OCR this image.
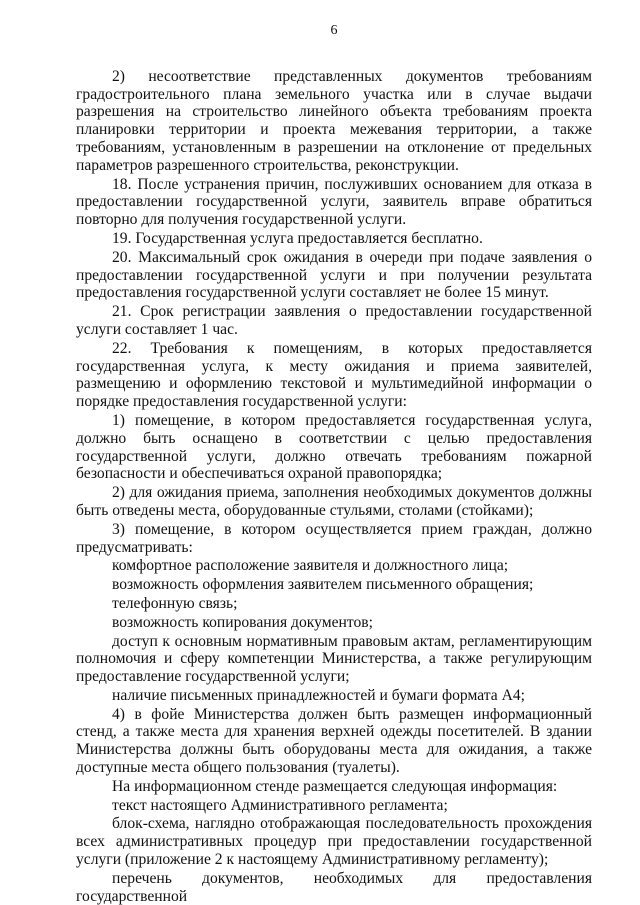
6

2) несоответствие представленных документов требованиям градостроительного плана земельного участка или в случае выдачи разрешения на строительство линейного объекта требованиям проекта планировки территории и проекта межевания территории, а также требованиям, установленным в разрешении на отклонение от предельных параметров разрешенного строительства, реконструкции.

18. После устранения причин, послуживших основанием для отказа в предоставлении государственной услуги, заявитель вправе обратиться повторно для получения государственной услуги.

19. Государственная услуга предоставляется бесплатно.

20. Максимальный срок ожидания в очереди при подаче заявления о предоставлении государственной услуги и при получении результата предоставления государственной услуги составляет не более 15 минут.

21. Срок регистрации заявления о предоставлении государственной услуги составляет 1 час.

22. Требования к помещениям, в которых предоставляется государственная услуга, к месту ожидания и приема заявителей, размещению и оформлению текстовой и мультимедийной информации о порядке предоставления государственной услуги:

1) помещение, в котором предоставляется государственная услуга, должно быть оснащено в соответствии с целью предоставления государственной услуги, должно отвечать требованиям пожарной безопасности и обеспечиваться охраной правопорядка;

2) для ожидания приема, заполнения необходимых документов должны быть отведены места, оборудованные стульями, столами (стойками);

3) помещение, в котором осуществляется прием граждан, должно предусматривать:

комфортное расположение заявителя и должностного лица;

возможность оформления заявителем письменного обращения;

телефонную связь;

возможность копирования документов;

доступ к основным нормативным правовым актам, регламентирующим полномочия и сферу компетенции Министерства, а также регулирующим предоставление государственной услуги;

наличие письменных принадлежностей и бумаги формата А4;

4) в фойе Министерства должен быть размещен информационный стенд, а также места для хранения верхней одежды посетителей. В здании Министерства должны быть оборудованы места для ожидания, а также доступные места общего пользования (туалеты).

На информационном стенде размещается следующая информация:

текст настоящего Административного регламента;

блок-схема, наглядно отображающая последовательность прохождения всех административных процедур при предоставлении государственной услуги (приложение 2 к настоящему Административному регламенту);

перечень документов, необходимых для предоставления государственной
